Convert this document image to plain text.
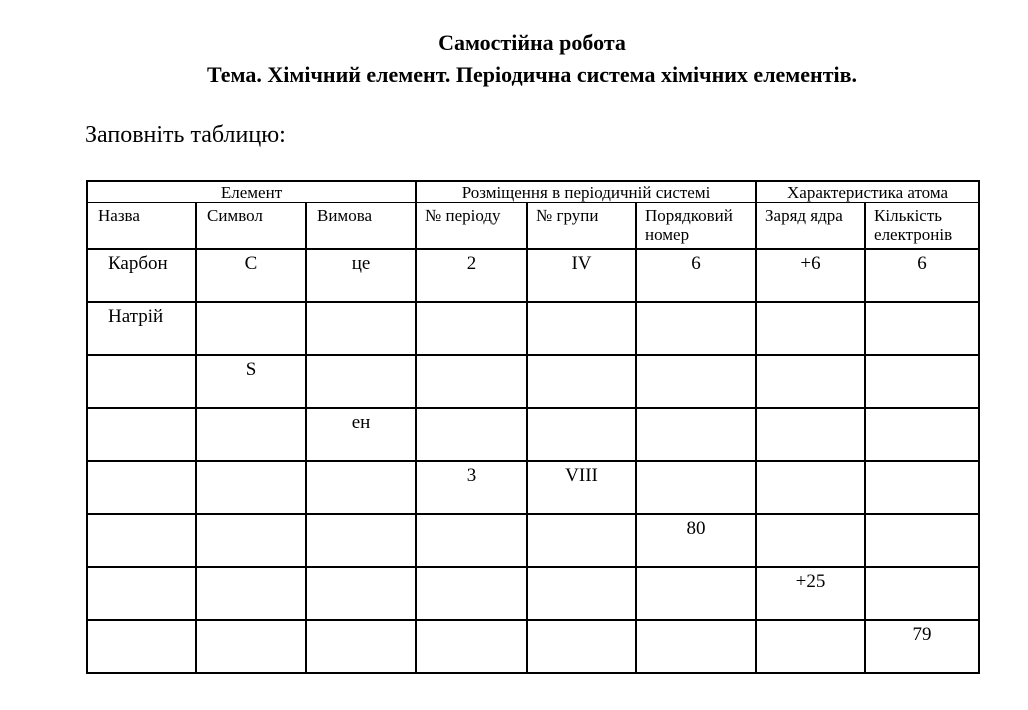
Самостійна робота
Тема. Хімічний елемент. Періодична система хімічних елементів.
Заповніть таблицю:
Елемент			Розміщення в періодичній системі			Характеристика атома	
Назва	Символ	Вимова	№ періоду	№ групи	Порядковий номер	Заряд ядра	Кількість електронів
Карбон	C	це	2	IV	6	+6	6
Натрій							
	S						
		ен					
			3	VIII			
					80		
						+25	
							79
